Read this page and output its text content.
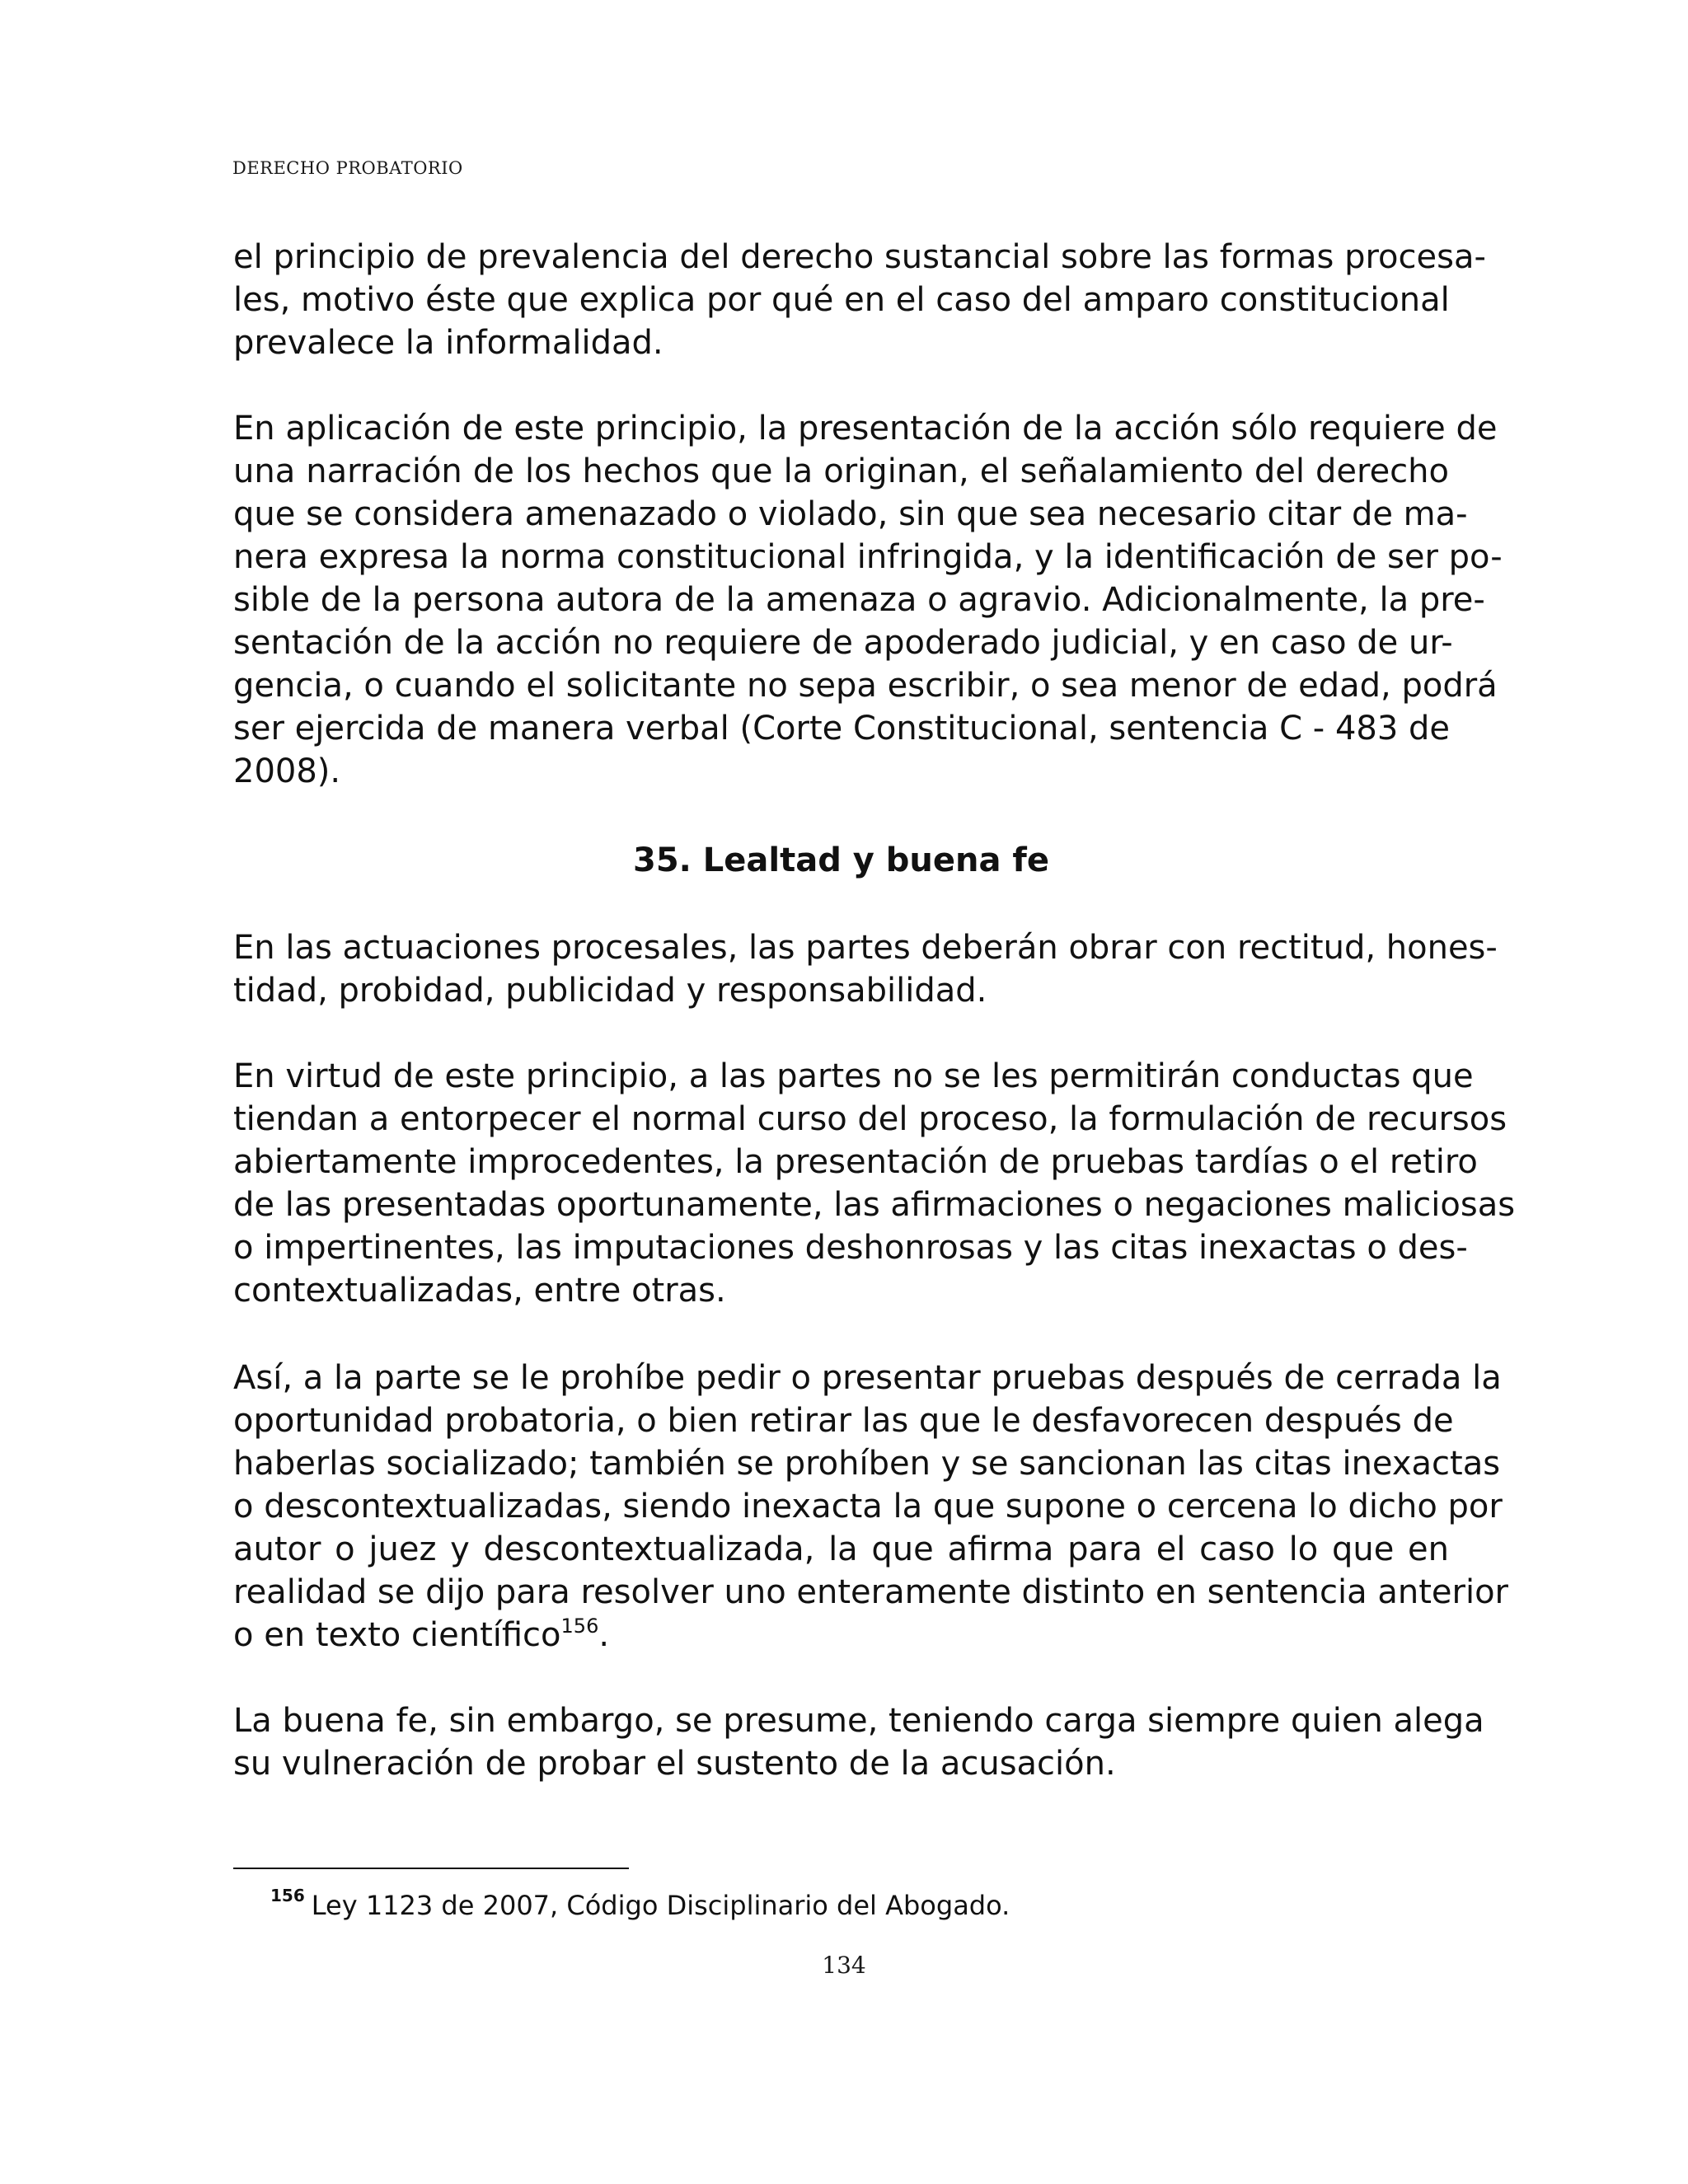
DERECHO PROBATORIO

el principio de prevalencia del derecho sustancial sobre las formas procesa-
les, motivo éste que explica por qué en el caso del amparo constitucional
prevalece la informalidad.

En aplicación de este principio, la presentación de la acción sólo requiere de
una narración de los hechos que la originan, el señalamiento del derecho
que se considera amenazado o violado, sin que sea necesario citar de ma-
nera expresa la norma constitucional infringida, y la identificación de ser po-
sible de la persona autora de la amenaza o agravio. Adicionalmente, la pre-
sentación de la acción no requiere de apoderado judicial, y en caso de ur-
gencia, o cuando el solicitante no sepa escribir, o sea menor de edad, podrá
ser ejercida de manera verbal (Corte Constitucional, sentencia C - 483 de
2008).

35. Lealtad y buena fe

En las actuaciones procesales, las partes deberán obrar con rectitud, hones-
tidad, probidad, publicidad y responsabilidad.

En virtud de este principio, a las partes no se les permitirán conductas que
tiendan a entorpecer el normal curso del proceso, la formulación de recursos
abiertamente improcedentes, la presentación de pruebas tardías o el retiro
de las presentadas oportunamente, las afirmaciones o negaciones maliciosas
o impertinentes, las imputaciones deshonrosas y las citas inexactas o des-
contextualizadas, entre otras.

Así, a la parte se le prohíbe pedir o presentar pruebas después de cerrada la
oportunidad probatoria, o bien retirar las que le desfavorecen después de
haberlas socializado; también se prohíben y se sancionan las citas inexactas
o descontextualizadas, siendo inexacta la que supone o cercena lo dicho por
autor o juez y descontextualizada, la que afirma para el caso lo que en
realidad se dijo para resolver uno enteramente distinto en sentencia anterior
o en texto científico$^{156}$.

La buena fe, sin embargo, se presume, teniendo carga siempre quien alega
su vulneración de probar el sustento de la acusación.

$^{156}$ Ley 1123 de 2007, Código Disciplinario del Abogado.
134
